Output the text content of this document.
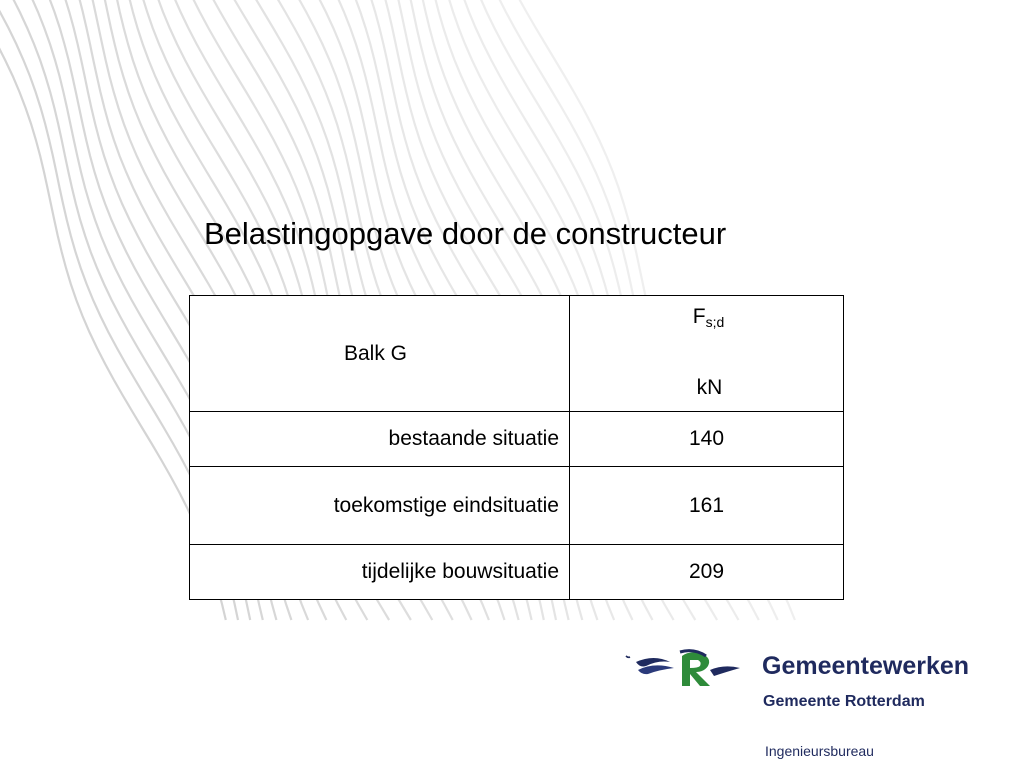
Belastingopgave door de constructeur
Balk G	$F_{s;d}$
kN

bestaande situatie	140
toekomstige eindsituatie	161
tijdelijke bouwsituatie	209
Gemeentewerken
Gemeente Rotterdam
Ingenieursbureau
